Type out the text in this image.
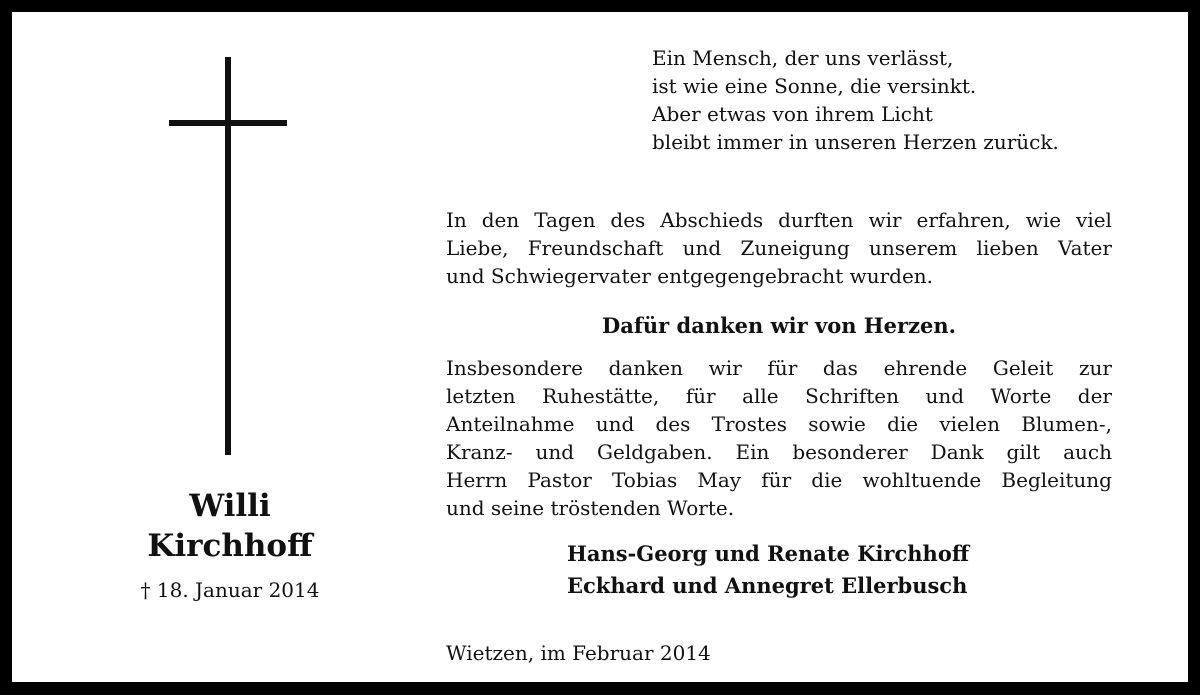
Willi
Kirchhoff
† 18. Januar 2014
Ein Mensch, der uns verlässt,
ist wie eine Sonne, die versinkt.
Aber etwas von ihrem Licht
bleibt immer in unseren Herzen zurück.
In den Tagen des Abschieds durften wir erfahren, wie viel
Liebe, Freundschaft und Zuneigung unserem lieben Vater
und Schwiegervater entgegengebracht wurden.
Dafür danken wir von Herzen.
Insbesondere danken wir für das ehrende Geleit zur
letzten Ruhestätte, für alle Schriften und Worte der
Anteilnahme und des Trostes sowie die vielen Blumen-,
Kranz- und Geldgaben. Ein besonderer Dank gilt auch
Herrn Pastor Tobias May für die wohltuende Begleitung
und seine tröstenden Worte.
Hans-Georg und Renate Kirchhoff
Eckhard und Annegret Ellerbusch
Wietzen, im Februar 2014
